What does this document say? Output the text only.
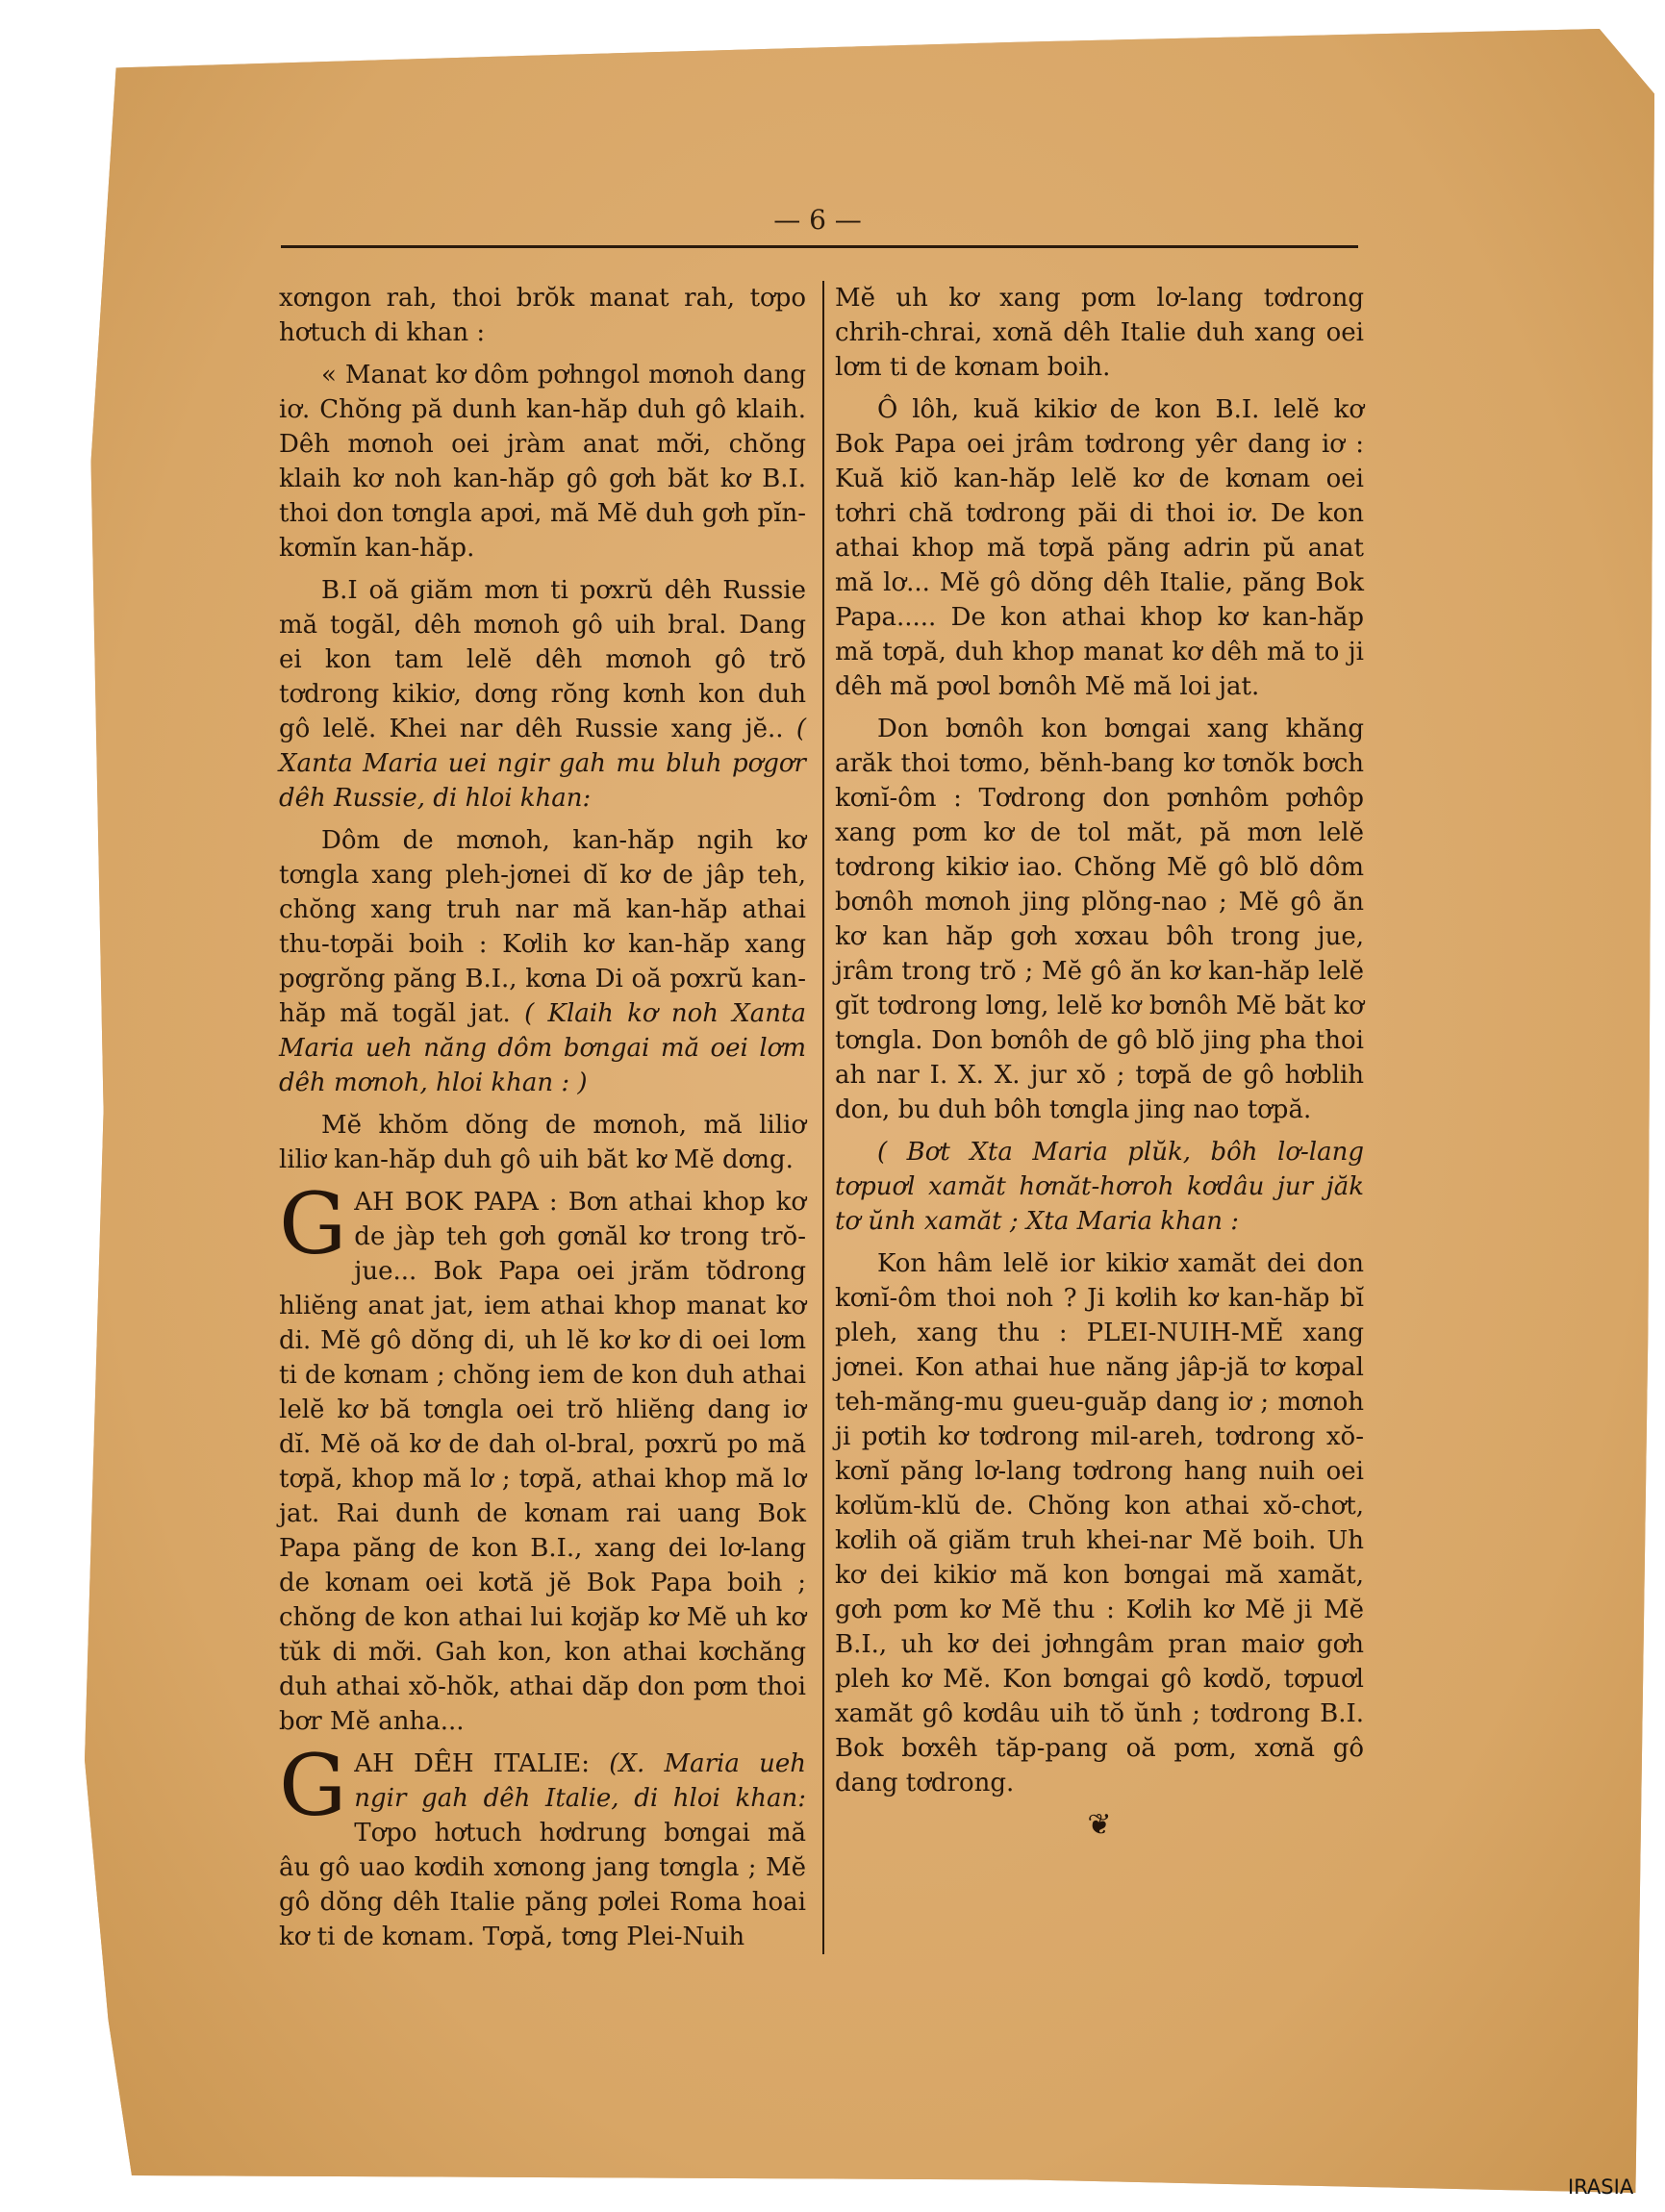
— 6 —

xơngon rah, thoi brŏk manat rah, tơpo hơtuch di khan :

« Manat kơ dôm pơhngol mơnoh dang iơ. Chŏng pă dunh kan-hăp duh gô klaih. Dêh mơnoh oei jràm anat mơ̆i, chŏng klaih kơ noh kan-hăp gô gơh băt kơ B.I. thoi don tơngla apơi, mă Mĕ duh gơh pĭn-kơmĭn kan-hăp.

B.I oă giăm mơn ti pơxrŭ dêh Russie mă togăl, dêh mơnoh gô uih bral. Dang ei kon tam lelĕ dêh mơnoh gô trŏ tơdrong kikiơ, dơng rŏng kơnh kon duh gô lelĕ. Khei nar dêh Russie xang jĕ.. ( Xanta Maria uei ngir gah mu bluh pơgơr dêh Russie, di hloi khan:

Dôm de mơnoh, kan-hăp ngih kơ tơngla xang pleh-jơnei dĭ kơ de jâp teh, chŏng xang truh nar mă kan-hăp athai thu-tơpăi boih : Kơlih kơ kan-hăp xang pơgrŏng păng B.I., kơna Di oă pơxrŭ kan-hăp mă togăl jat. ( Klaih kơ noh Xanta Maria ueh năng dôm bơngai mă oei lơm dêh mơnoh, hloi khan : )

Mĕ khŏm dŏng de mơnoh, mă liliơ liliơ kan-hăp duh gô uih băt kơ Mĕ dơng.

GAH BOK PAPA : Bơn athai khop kơ de jàp teh gơh gơnăl kơ trong trŏ-jue... Bok Papa oei jrăm tŏdrong hliĕng anat jat, iem athai khop manat kơ di. Mĕ gô dŏng di, uh lĕ kơ kơ di oei lơm ti de kơnam ; chŏng iem de kon duh athai lelĕ kơ bă tơngla oei trŏ hliĕng dang iơ dĭ. Mĕ oă kơ de dah ol-bral, pơxrŭ po mă tơpă, khop mă lơ ; tơpă, athai khop mă lơ jat. Rai dunh de kơnam rai uang Bok Papa păng de kon B.I., xang dei lơ-lang de kơnam oei kơtă jĕ Bok Papa boih ; chŏng de kon athai lui kơjăp kơ Mĕ uh kơ tŭk di mơ̆i. Gah kon, kon athai kơchăng duh athai xŏ-hŏk, athai dăp don pơm thoi bơr Mĕ anha...

GAH DÊH ITALIE: (X. Maria ueh ngir gah dêh Italie, di hloi khan: Tơpo hơtuch hơdrung bơngai mă âu gô uao kơdih xơnong jang tơngla ; Mĕ gô dŏng dêh Italie păng pơlei Roma hoai kơ ti de kơnam. Tơpă, tơng Plei-Nuih

Mĕ uh kơ xang pơm lơ-lang tơdrong chrih-chrai, xơnă dêh Italie duh xang oei lơm ti de kơnam boih.

Ô lôh, kuă kikiơ de kon B.I. lelĕ kơ Bok Papa oei jrâm tơdrong yêr dang iơ : Kuă kiŏ kan-hăp lelĕ kơ de kơnam oei tơhri chă tơdrong păi di thoi iơ. De kon athai khop mă tơpă păng adrin pŭ anat mă lơ... Mĕ gô dŏng dêh Italie, păng Bok Papa..... De kon athai khop kơ kan-hăp mă tơpă, duh khop manat kơ dêh mă to ji dêh mă pơol bơnôh Mĕ mă loi jat.

Don bơnôh kon bơngai xang khăng arăk thoi tơmo, bĕnh-bang kơ tơnŏk bơch kơnĭ-ôm : Tơdrong don pơnhôm pơhôp xang pơm kơ de tol măt, pă mơn lelĕ tơdrong kikiơ iao. Chŏng Mĕ gô blŏ dôm bơnôh mơnoh jing plŏng-nao ; Mĕ gô ăn kơ kan hăp gơh xơxau bôh trong jue, jrâm trong trŏ ; Mĕ gô ăn kơ kan-hăp lelĕ gĭt tơdrong lơng, lelĕ kơ bơnôh Mĕ băt kơ tơngla. Don bơnôh de gô blŏ jing pha thoi ah nar I. X. X. jur xŏ ; tơpă de gô hơblih don, bu duh bôh tơngla jing nao tơpă.

( Bơt Xta Maria plŭk, bôh lơ-lang tơpuơl xamăt hơnăt-hơroh kơdâu jur jăk tơ ŭnh xamăt ; Xta Maria khan :

Kon hâm lelĕ ior kikiơ xamăt dei don kơnĭ-ôm thoi noh ? Ji kơlih kơ kan-hăp bĭ pleh, xang thu : PLEI-NUIH-MĔ xang jơnei. Kon athai hue năng jâp-jă tơ kơpal teh-măng-mu gueu-guăp dang iơ ; mơnoh ji pơtih kơ tơdrong mil-areh, tơdrong xŏ-kơnĭ păng lơ-lang tơdrong hang nuih oei kơlŭm-klŭ de. Chŏng kon athai xŏ-chơt, kơlih oă giăm truh khei-nar Mĕ boih. Uh kơ dei kikiơ mă kon bơngai mă xamăt, gơh pơm kơ Mĕ thu : Kơlih kơ Mĕ ji Mĕ B.I., uh kơ dei jơhngâm pran maiơ gơh pleh kơ Mĕ. Kon bơngai gô kơdŏ, tơpuơl xamăt gô kơdâu uih tŏ ŭnh ; tơdrong B.I. Bok bơxêh tăp-pang oă pơm, xơnă gô dang tơdrong.

❦
IRASIA
